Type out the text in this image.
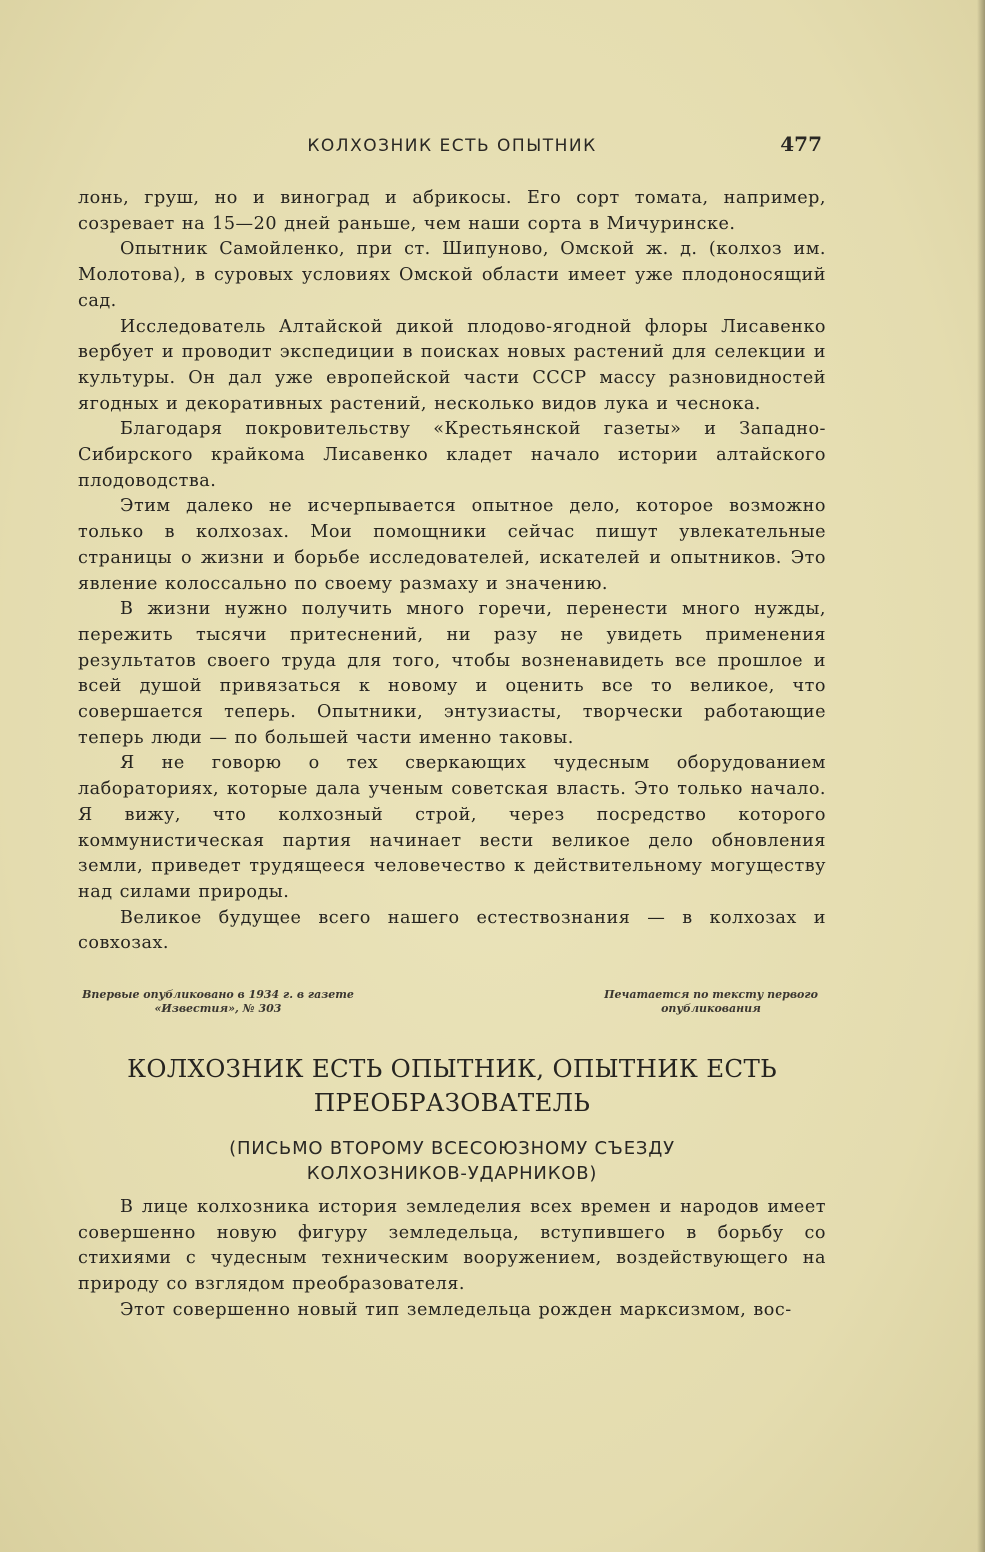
КОЛХОЗНИК ЕСТЬ ОПЫТНИК	477

лонь, груш, но и виноград и абрикосы. Его сорт томата, например, созревает на 15—20 дней раньше, чем наши сорта в Мичуринске.

Опытник Самойленко, при ст. Шипуново, Омской ж. д. (колхоз им. Молотова), в суровых условиях Омской области имеет уже плодоносящий сад.

Исследователь Алтайской дикой плодово-ягодной флоры Лисавенко вербует и проводит экспедиции в поисках новых растений для селекции и культуры. Он дал уже европейской части СССР массу разновидностей ягодных и декоративных растений, несколько видов лука и чеснока.

Благодаря покровительству «Крестьянской газеты» и Западно-Сибирского крайкома Лисавенко кладет начало истории алтайского плодоводства.

Этим далеко не исчерпывается опытное дело, которое возможно только в колхозах. Мои помощники сейчас пишут увлекательные страницы о жизни и борьбе исследователей, искателей и опытников. Это явление колоссально по своему размаху и значению.

В жизни нужно получить много горечи, перенести много нужды, пережить тысячи притеснений, ни разу не увидеть применения результатов своего труда для того, чтобы возненавидеть все прошлое и всей душой привязаться к новому и оценить все то великое, что совершается теперь. Опытники, энтузиасты, творчески работающие теперь люди — по большей части именно таковы.

Я не говорю о тех сверкающих чудесным оборудованием лабораториях, которые дала ученым советская власть. Это только начало. Я вижу, что колхозный строй, через посредство которого коммунистическая партия начинает вести великое дело обновления земли, приведет трудящееся человечество к действительному могуществу над силами природы.

Великое будущее всего нашего естествознания — в колхозах и совхозах.

Впервые опубликовано в 1934 г. в газете
«Известия», № 303
Печатается по тексту первого
опубликования
КОЛХОЗНИК ЕСТЬ ОПЫТНИК, ОПЫТНИК ЕСТЬ
ПРЕОБРАЗОВАТЕЛЬ
(ПИСЬМО ВТОРОМУ ВСЕСОЮЗНОМУ СЪЕЗДУ
КОЛХОЗНИКОВ-УДАРНИКОВ)

В лице колхозника история земледелия всех времен и народов имеет совершенно новую фигуру земледельца, вступившего в борьбу со стихиями с чудесным техническим вооружением, воздействующего на природу со взглядом преобразователя.

Этот совершенно новый тип земледельца рожден марксизмом, вос-
